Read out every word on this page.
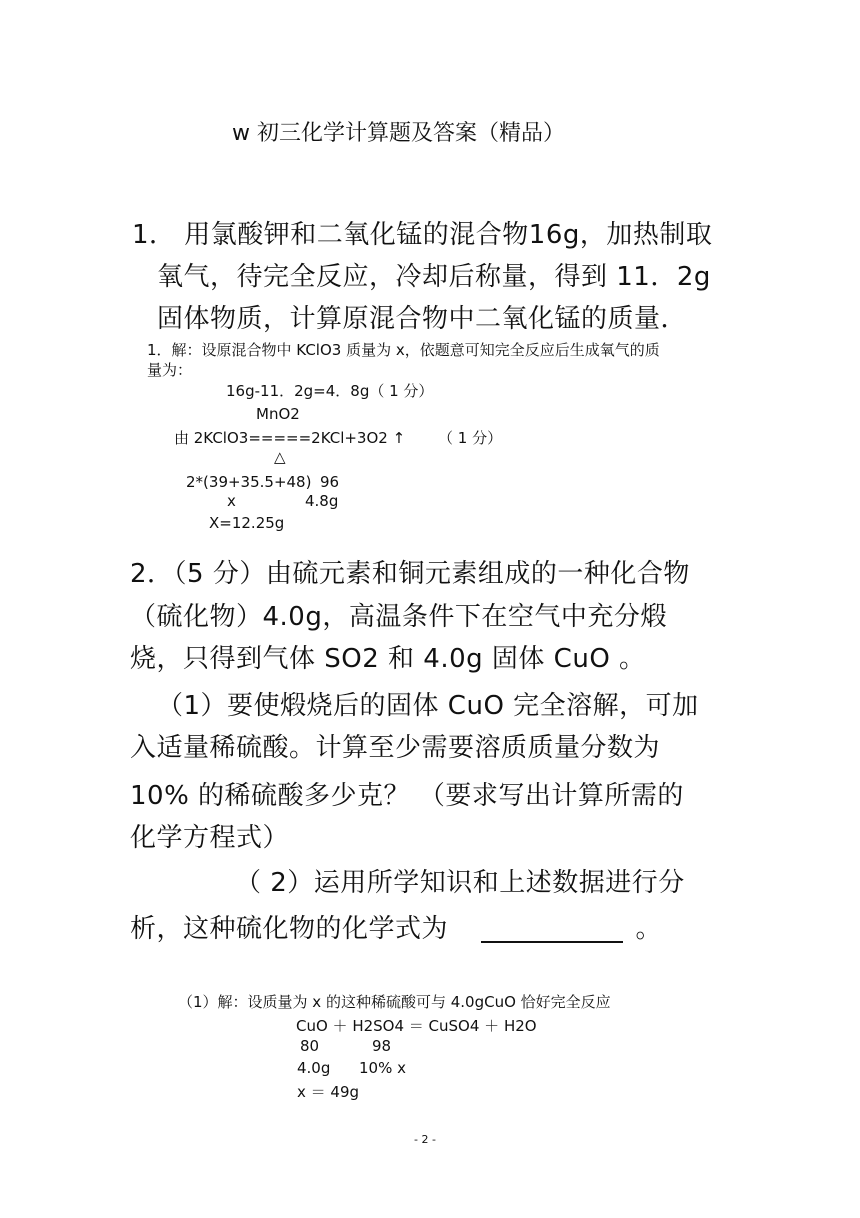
w 初三化学计算题及答案（精品）
1． 用氯酸钾和二氧化锰的混合物16g，加热制取
氧气，待完全反应，冷却后称量，得到 11．2g
固体物质，计算原混合物中二氧化锰的质量．
1．解：设原混合物中 KClO3 质量为 x，依题意可知完全反应后生成氧气的质
量为：
16g-11．2g=4．8g（ 1 分）
MnO2
由 2KClO3=====2KCl+3O2 ↑ （ 1 分）
△
2*(39+35.5+48) 96
x	4.8g
X=12.25g
2．（5 分）由硫元素和铜元素组成的一种化合物
（硫化物）4.0g，高温条件下在空气中充分煅
烧，只得到气体 SO2 和 4.0g 固体 CuO 。
（1）要使煅烧后的固体 CuO 完全溶解，可加
入适量稀硫酸。计算至少需要溶质质量分数为
10% 的稀硫酸多少克？ （要求写出计算所需的
化学方程式）
（ 2）运用所学知识和上述数据进行分
析，这种硫化物的化学式为	。
（1）解：设质量为 x 的这种稀硫酸可与 4.0gCuO 恰好完全反应
CuO ＋ H2SO4 ＝ CuSO4 ＋ H2O
80	98
4.0g 10% x
x ＝ 49g
- 2 -
